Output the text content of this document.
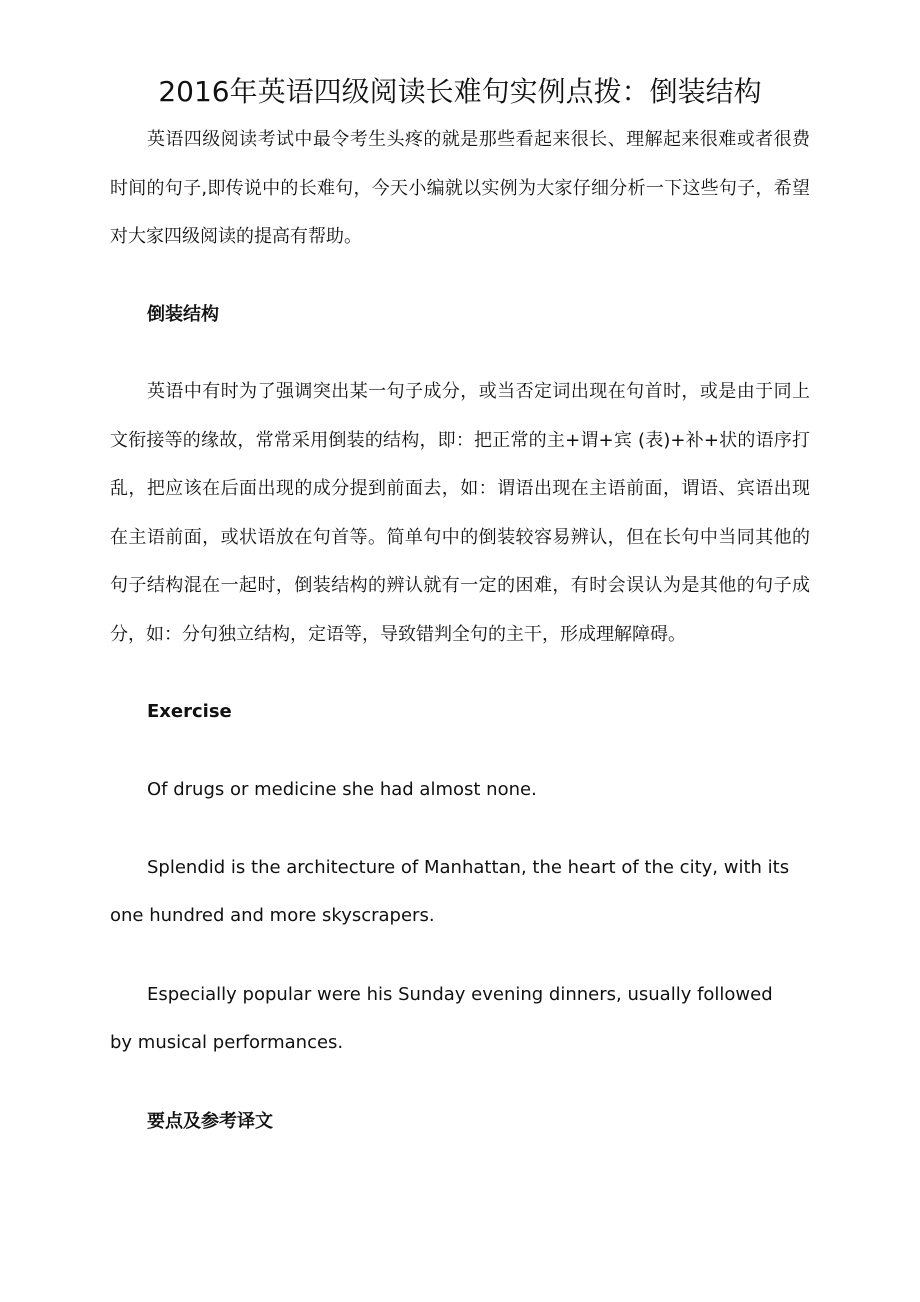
2016年英语四级阅读长难句实例点拨：倒装结构

英语四级阅读考试中最令考生头疼的就是那些看起来很长、理解起来很难或者很费时间的句子,即传说中的长难句，今天小编就以实例为大家仔细分析一下这些句子，希望对大家四级阅读的提高有帮助。

倒装结构

英语中有时为了强调突出某一句子成分，或当否定词出现在句首时，或是由于同上文衔接等的缘故，常常采用倒装的结构，即：把正常的主+谓+宾 (表)+补+状的语序打乱，把应该在后面出现的成分提到前面去，如：谓语出现在主语前面，谓语、宾语出现在主语前面，或状语放在句首等。简单句中的倒装较容易辨认，但在长句中当同其他的句子结构混在一起时，倒装结构的辨认就有一定的困难，有时会误认为是其他的句子成分，如：分句独立结构，定语等，导致错判全句的主干，形成理解障碍。

Exercise

Of drugs or medicine she had almost none.

Splendid is the architecture of Manhattan, the heart of the city, with its one hundred and more skyscrapers.

Especially popular were his Sunday evening dinners, usually followed by musical performances.

要点及参考译文
